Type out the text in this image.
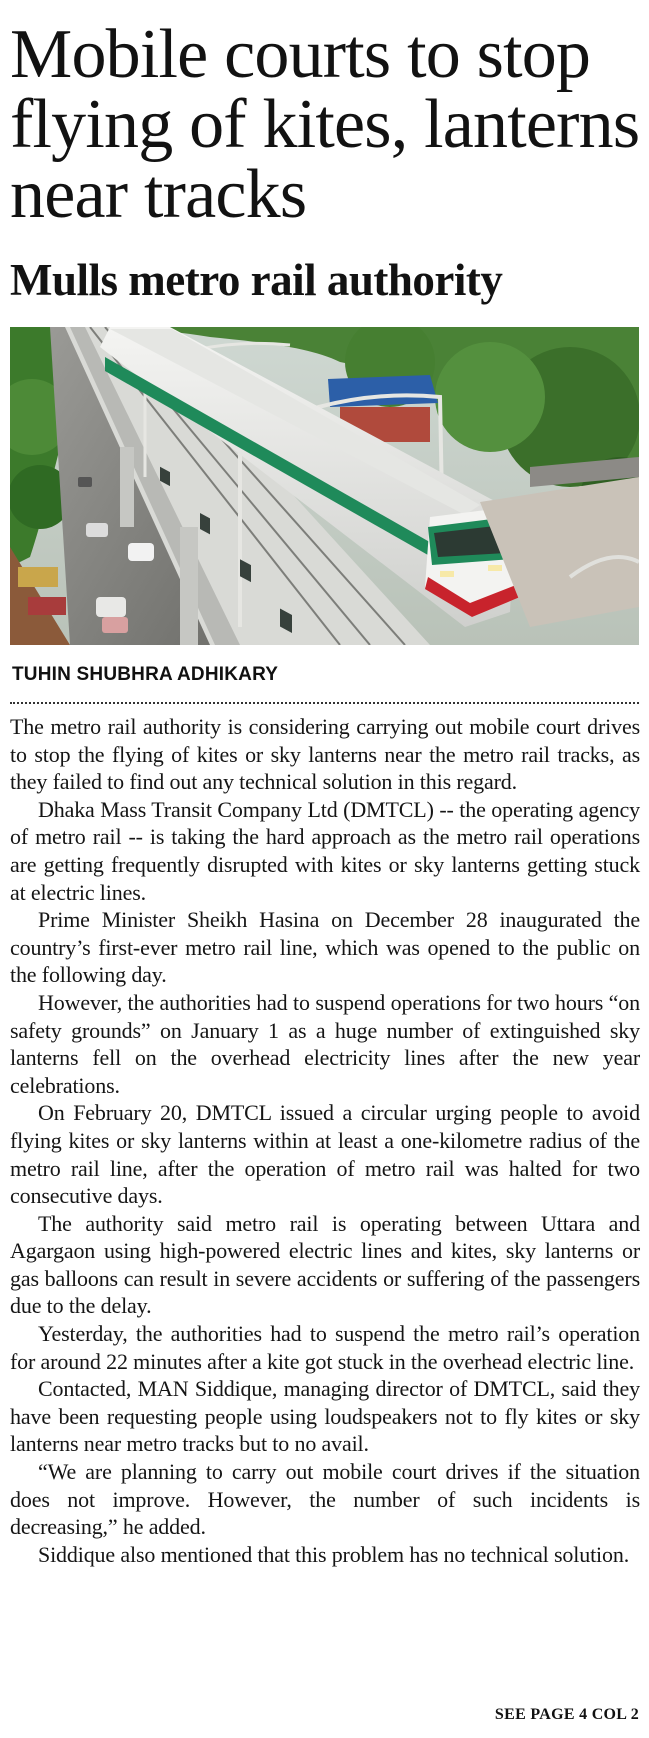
Mobile courts to stop flying of kites, lanterns near tracks
Mulls metro rail authority
TUHIN SHUBHRA ADHIKARY

The metro rail authority is considering carrying out mobile court drives to stop the flying of kites or sky lanterns near the metro rail tracks, as they failed to find out any technical solution in this regard.

Dhaka Mass Transit Company Ltd (DMTCL) -- the operating agency of metro rail -- is taking the hard approach as the metro rail operations are getting frequently disrupted with kites or sky lanterns getting stuck at electric lines.

Prime Minister Sheikh Hasina on December 28 inaugurated the country’s first-ever metro rail line, which was opened to the public on the following day.

However, the authorities had to suspend operations for two hours “on safety grounds” on January 1 as a huge number of extinguished sky lanterns fell on the overhead electricity lines after the new year celebrations.

On February 20, DMTCL issued a circular urging people to avoid flying kites or sky lanterns within at least a one-kilometre radius of the metro rail line, after the operation of metro rail was halted for two consecutive days.

The authority said metro rail is operating between Uttara and Agargaon using high-powered electric lines and kites, sky lanterns or gas balloons can result in severe accidents or suffering of the passengers due to the delay.

Yesterday, the authorities had to suspend the metro rail’s operation for around 22 minutes after a kite got stuck in the overhead electric line.

Contacted, MAN Siddique, managing director of DMTCL, said they have been requesting people using loudspeakers not to fly kites or sky lanterns near metro tracks but to no avail.

“We are planning to carry out mobile court drives if the situation does not improve. However, the number of such incidents is decreasing,” he added.

Siddique also mentioned that this problem has no technical solution.

SEE PAGE 4 COL 2
